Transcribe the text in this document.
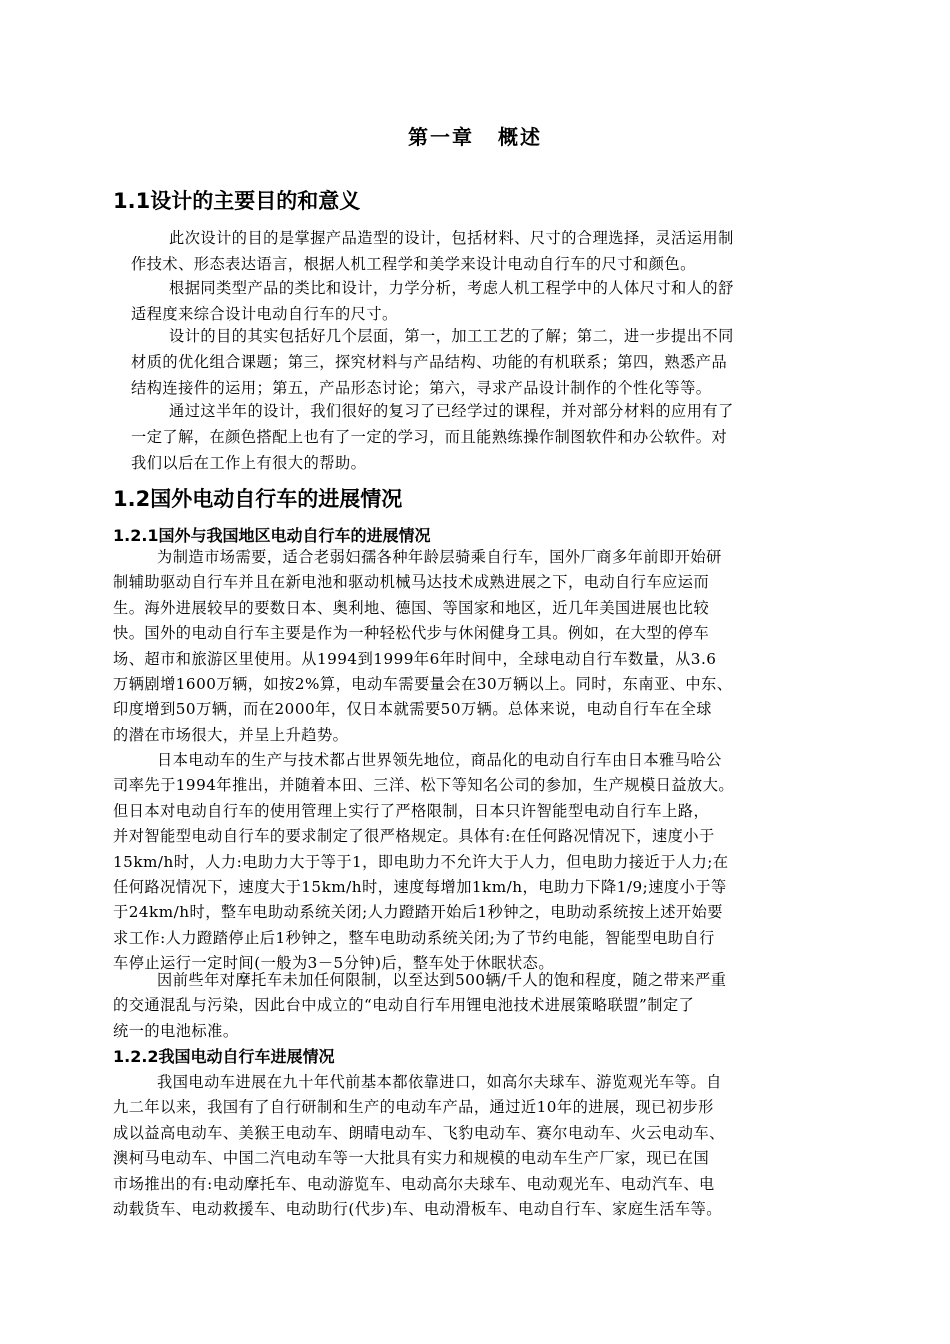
第一章 概述
1.1设计的主要目的和意义
此次设计的目的是掌握产品造型的设计，包括材料、尺寸的合理选择，灵活运用制
作技术、形态表达语言，根据人机工程学和美学来设计电动自行车的尺寸和颜色。
根据同类型产品的类比和设计，力学分析，考虑人机工程学中的人体尺寸和人的舒
适程度来综合设计电动自行车的尺寸。
设计的目的其实包括好几个层面，第一，加工工艺的了解；第二，进一步提出不同
材质的优化组合课题；第三，探究材料与产品结构、功能的有机联系；第四，熟悉产品
结构连接件的运用；第五，产品形态讨论；第六，寻求产品设计制作的个性化等等。
通过这半年的设计，我们很好的复习了已经学过的课程，并对部分材料的应用有了
一定了解，在颜色搭配上也有了一定的学习，而且能熟练操作制图软件和办公软件。对
我们以后在工作上有很大的帮助。
1.2国外电动自行车的进展情况
1.2.1国外与我国地区电动自行车的进展情况
为制造市场需要，适合老弱妇孺各种年龄层骑乘自行车，国外厂商多年前即开始研
制辅助驱动自行车并且在新电池和驱动机械马达技术成熟进展之下，电动自行车应运而
生。海外进展较早的要数日本、奥利地、德国、等国家和地区，近几年美国进展也比较
快。国外的电动自行车主要是作为一种轻松代步与休闲健身工具。例如，在大型的停车
场、超市和旅游区里使用。从1994到1999年6年时间中，全球电动自行车数量，从3.6
万辆剧增1600万辆，如按2%算，电动车需要量会在30万辆以上。同时，东南亚、中东、
印度增到50万辆，而在2000年，仅日本就需要50万辆。总体来说，电动自行车在全球
的潜在市场很大，并呈上升趋势。
日本电动车的生产与技术都占世界领先地位，商品化的电动自行车由日本雅马哈公
司率先于1994年推出，并随着本田、三洋、松下等知名公司的参加，生产规模日益放大。
但日本对电动自行车的使用管理上实行了严格限制，日本只许智能型电动自行车上路，
并对智能型电动自行车的要求制定了很严格规定。具体有:在任何路况情况下，速度小于
15km/h时，人力:电助力大于等于1，即电助力不允许大于人力，但电助力接近于人力;在
任何路况情况下，速度大于15km/h时，速度每增加1km/h，电助力下降1/9;速度小于等
于24km/h时，整车电助动系统关闭;人力蹬踏开始后1秒钟之，电助动系统按上述开始要
求工作:人力蹬踏停止后1秒钟之，整车电助动系统关闭;为了节约电能，智能型电助自行
车停止运行一定时间(一般为3－5分钟)后，整车处于休眠状态。
因前些年对摩托车未加任何限制，以至达到500辆/千人的饱和程度，随之带来严重
的交通混乱与污染，因此台中成立的“电动自行车用锂电池技术进展策略联盟”制定了
统一的电池标准。
1.2.2我国电动自行车进展情况
我国电动车进展在九十年代前基本都依靠进口，如高尔夫球车、游览观光车等。自
九二年以来，我国有了自行研制和生产的电动车产品，通过近10年的进展，现已初步形
成以益高电动车、美猴王电动车、朗晴电动车、飞豹电动车、赛尔电动车、火云电动车、
澳柯马电动车、中国二汽电动车等一大批具有实力和规模的电动车生产厂家，现已在国
市场推出的有:电动摩托车、电动游览车、电动高尔夫球车、电动观光车、电动汽车、电
动载货车、电动救援车、电动助行(代步)车、电动滑板车、电动自行车、家庭生活车等。
